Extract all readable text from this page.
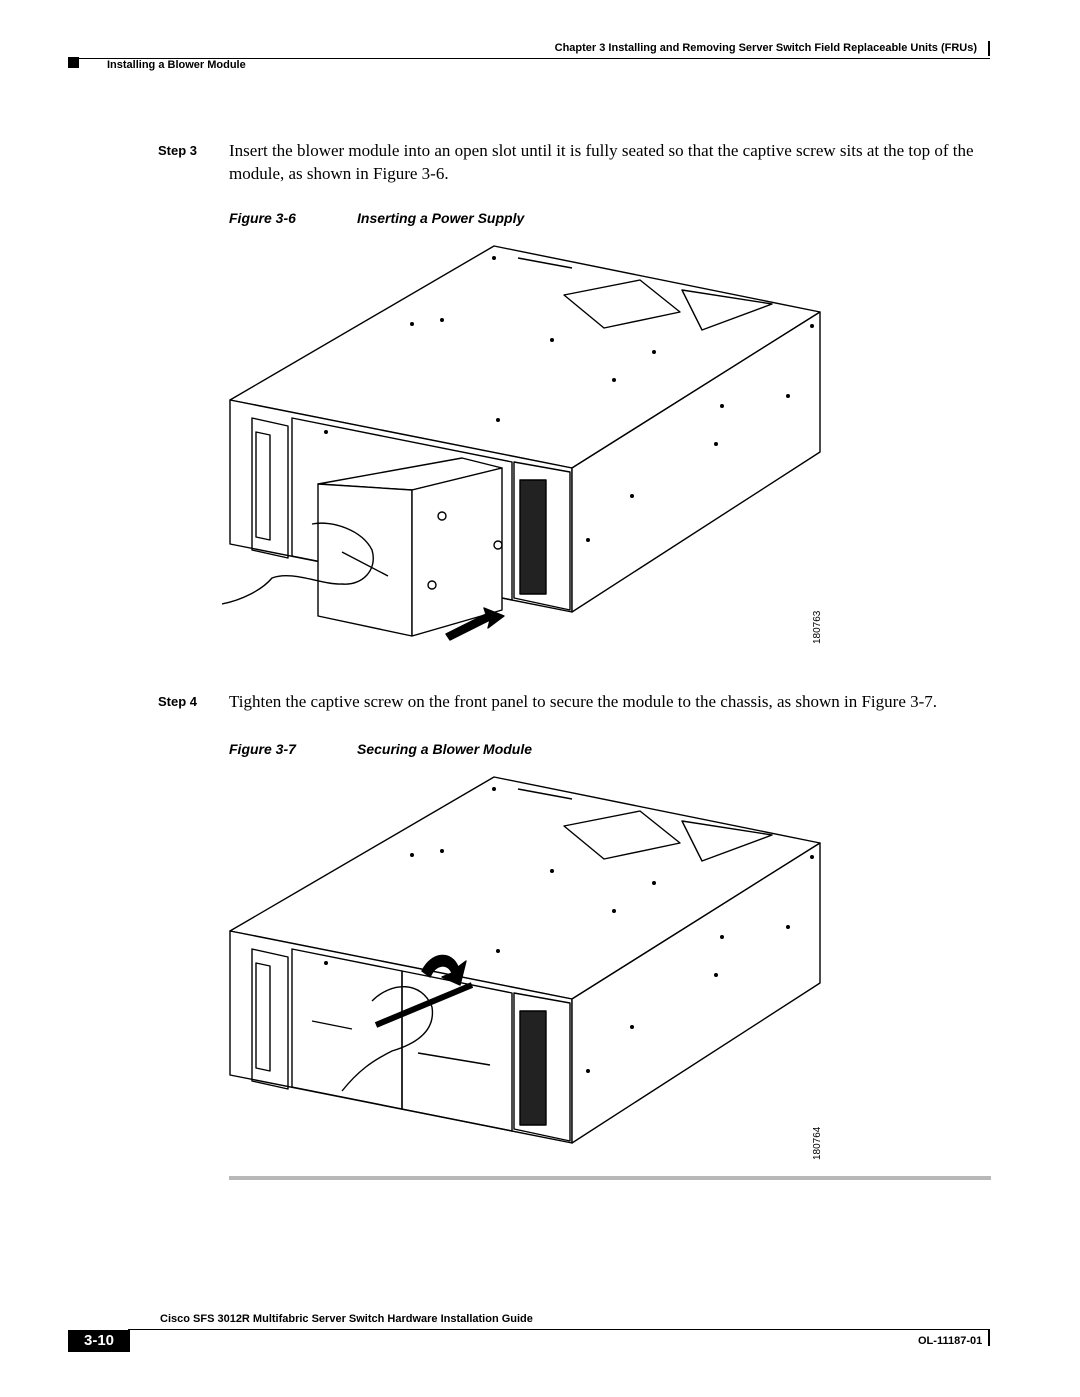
Chapter 3 Installing and Removing Server Switch Field Replaceable Units (FRUs)
Installing a Blower Module
Step 3 Insert the blower module into an open slot until it is fully seated so that the captive screw sits at the top of the module, as shown in Figure 3-6.
Figure 3-6	Inserting a Power Supply
180763
Step 4 Tighten the captive screw on the front panel to secure the module to the chassis, as shown in Figure 3-7.
Figure 3-7	Securing a Blower Module
180764
Cisco SFS 3012R Multifabric Server Switch Hardware Installation Guide
3-10	OL-11187-01
